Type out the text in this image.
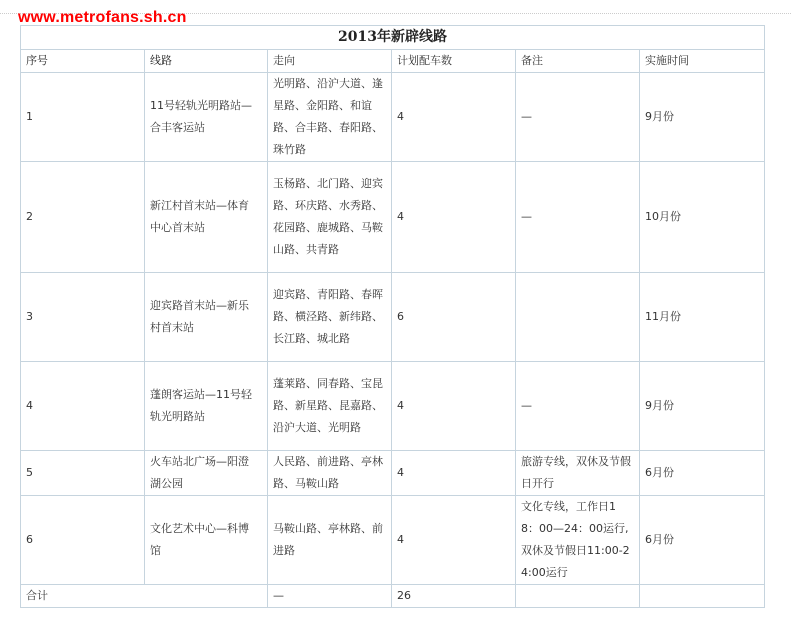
www.metrofans.sh.cn
2013年新辟线路
序号	线路	走向	计划配车数	备注	实施时间
1	11号轻轨光明路站—合丰客运站	光明路、沿沪大道、逢星路、金阳路、和谊路、合丰路、春阳路、珠竹路	4	—	9月份
2	新江村首末站—体育中心首末站	玉杨路、北门路、迎宾路、环庆路、水秀路、花园路、鹿城路、马鞍山路、共青路	4	—	10月份
3	迎宾路首末站—新乐村首末站	迎宾路、青阳路、春晖路、横泾路、新纬路、长江路、城北路	6		11月份
4	蓬朗客运站—11号轻轨光明路站	蓬莱路、同春路、宝昆路、新星路、昆嘉路、沿沪大道、光明路	4	—	9月份
5	火车站北广场—阳澄湖公园	人民路、前进路、亭林路、马鞍山路	4	旅游专线，双休及节假日开行	6月份
6	文化艺术中心—科博馆	马鞍山路、亭林路、前进路	4	文化专线，工作日18：00—24：00运行,双休及节假日11:00-24:00运行	6月份
合计		—	26		
